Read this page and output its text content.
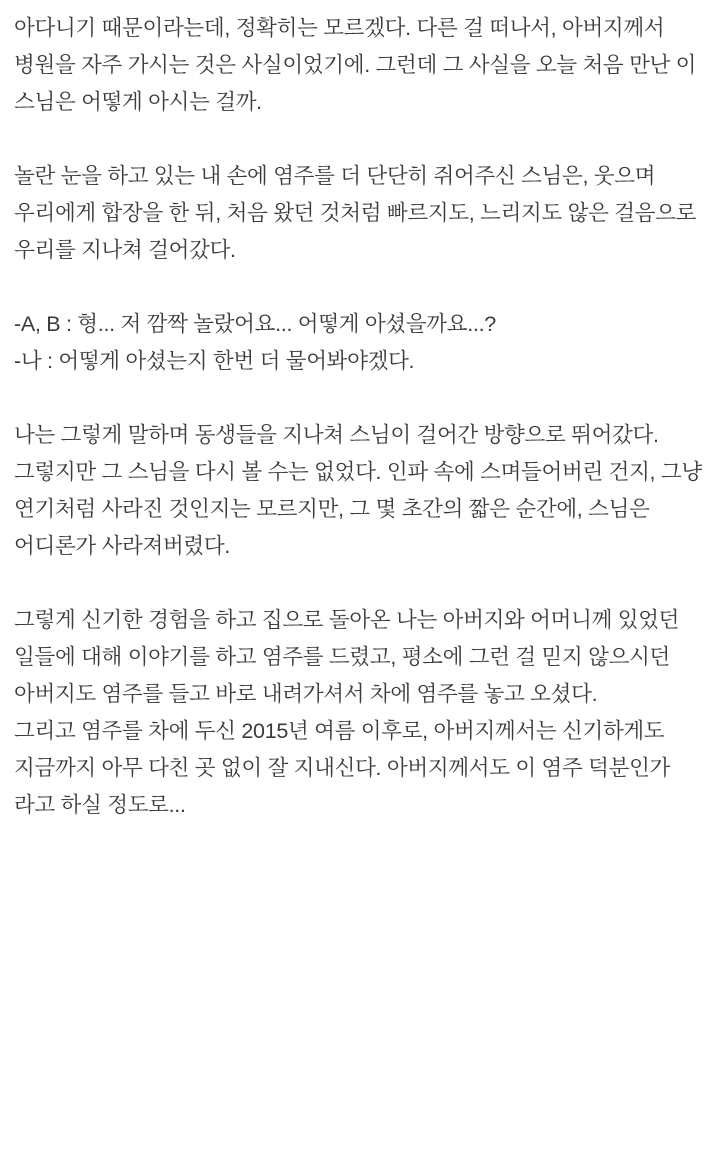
아다니기 때문이라는데, 정확히는 모르겠다. 다른 걸 떠나서, 아버지께서 병원을 자주 가시는 것은 사실이었기에. 그런데 그 사실을 오늘 처음 만난 이 스님은 어떻게 아시는 걸까.

놀란 눈을 하고 있는 내 손에 염주를 더 단단히 쥐어주신 스님은, 웃으며 우리에게 합장을 한 뒤, 처음 왔던 것처럼 빠르지도, 느리지도 않은 걸음으로 우리를 지나쳐 걸어갔다.

-A, B : 형... 저 깜짝 놀랐어요... 어떻게 아셨을까요...?

-나 : 어떻게 아셨는지 한번 더 물어봐야겠다.

나는 그렇게 말하며 동생들을 지나쳐 스님이 걸어간 방향으로 뛰어갔다. 그렇지만 그 스님을 다시 볼 수는 없었다. 인파 속에 스며들어버린 건지, 그냥 연기처럼 사라진 것인지는 모르지만, 그 몇 초간의 짧은 순간에, 스님은 어디론가 사라져버렸다.

그렇게 신기한 경험을 하고 집으로 돌아온 나는 아버지와 어머니께 있었던 일들에 대해 이야기를 하고 염주를 드렸고, 평소에 그런 걸 믿지 않으시던 아버지도 염주를 들고 바로 내려가셔서 차에 염주를 놓고 오셨다.

그리고 염주를 차에 두신 2015년 여름 이후로, 아버지께서는 신기하게도 지금까지 아무 다친 곳 없이 잘 지내신다. 아버지께서도 이 염주 덕분인가 라고 하실 정도로...
